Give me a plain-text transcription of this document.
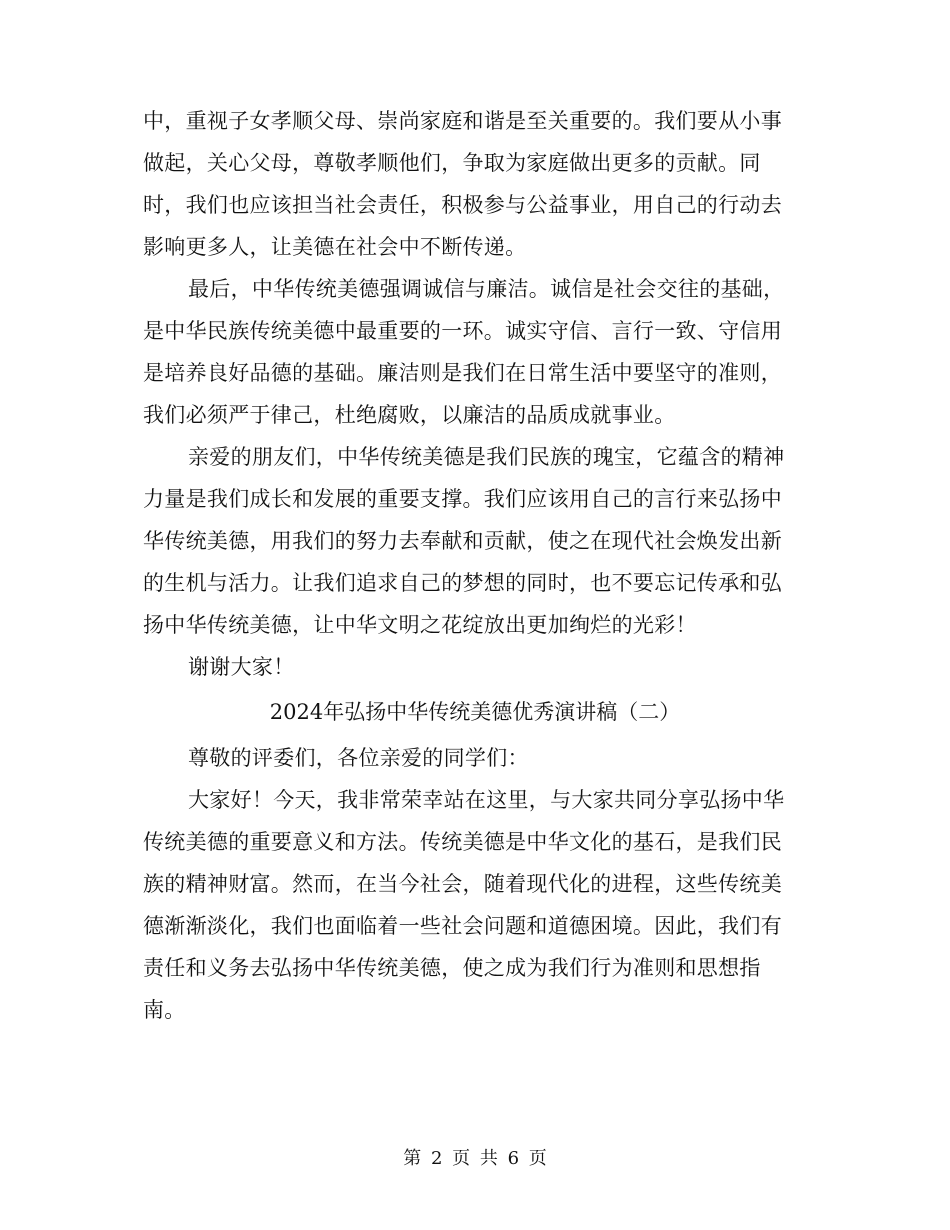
中，重视子女孝顺父母、崇尚家庭和谐是至关重要的。我们要从小事
做起，关心父母，尊敬孝顺他们，争取为家庭做出更多的贡献。同
时，我们也应该担当社会责任，积极参与公益事业，用自己的行动去
影响更多人，让美德在社会中不断传递。
最后，中华传统美德强调诚信与廉洁。诚信是社会交往的基础，
是中华民族传统美德中最重要的一环。诚实守信、言行一致、守信用
是培养良好品德的基础。廉洁则是我们在日常生活中要坚守的准则，
我们必须严于律己，杜绝腐败，以廉洁的品质成就事业。
亲爱的朋友们，中华传统美德是我们民族的瑰宝，它蕴含的精神
力量是我们成长和发展的重要支撑。我们应该用自己的言行来弘扬中
华传统美德，用我们的努力去奉献和贡献，使之在现代社会焕发出新
的生机与活力。让我们追求自己的梦想的同时，也不要忘记传承和弘
扬中华传统美德，让中华文明之花绽放出更加绚烂的光彩！
谢谢大家！
2024年弘扬中华传统美德优秀演讲稿（二）
尊敬的评委们，各位亲爱的同学们：
大家好！今天，我非常荣幸站在这里，与大家共同分享弘扬中华
传统美德的重要意义和方法。传统美德是中华文化的基石，是我们民
族的精神财富。然而，在当今社会，随着现代化的进程，这些传统美
德渐渐淡化，我们也面临着一些社会问题和道德困境。因此，我们有
责任和义务去弘扬中华传统美德，使之成为我们行为准则和思想指
南。
第 2 页 共 6 页
